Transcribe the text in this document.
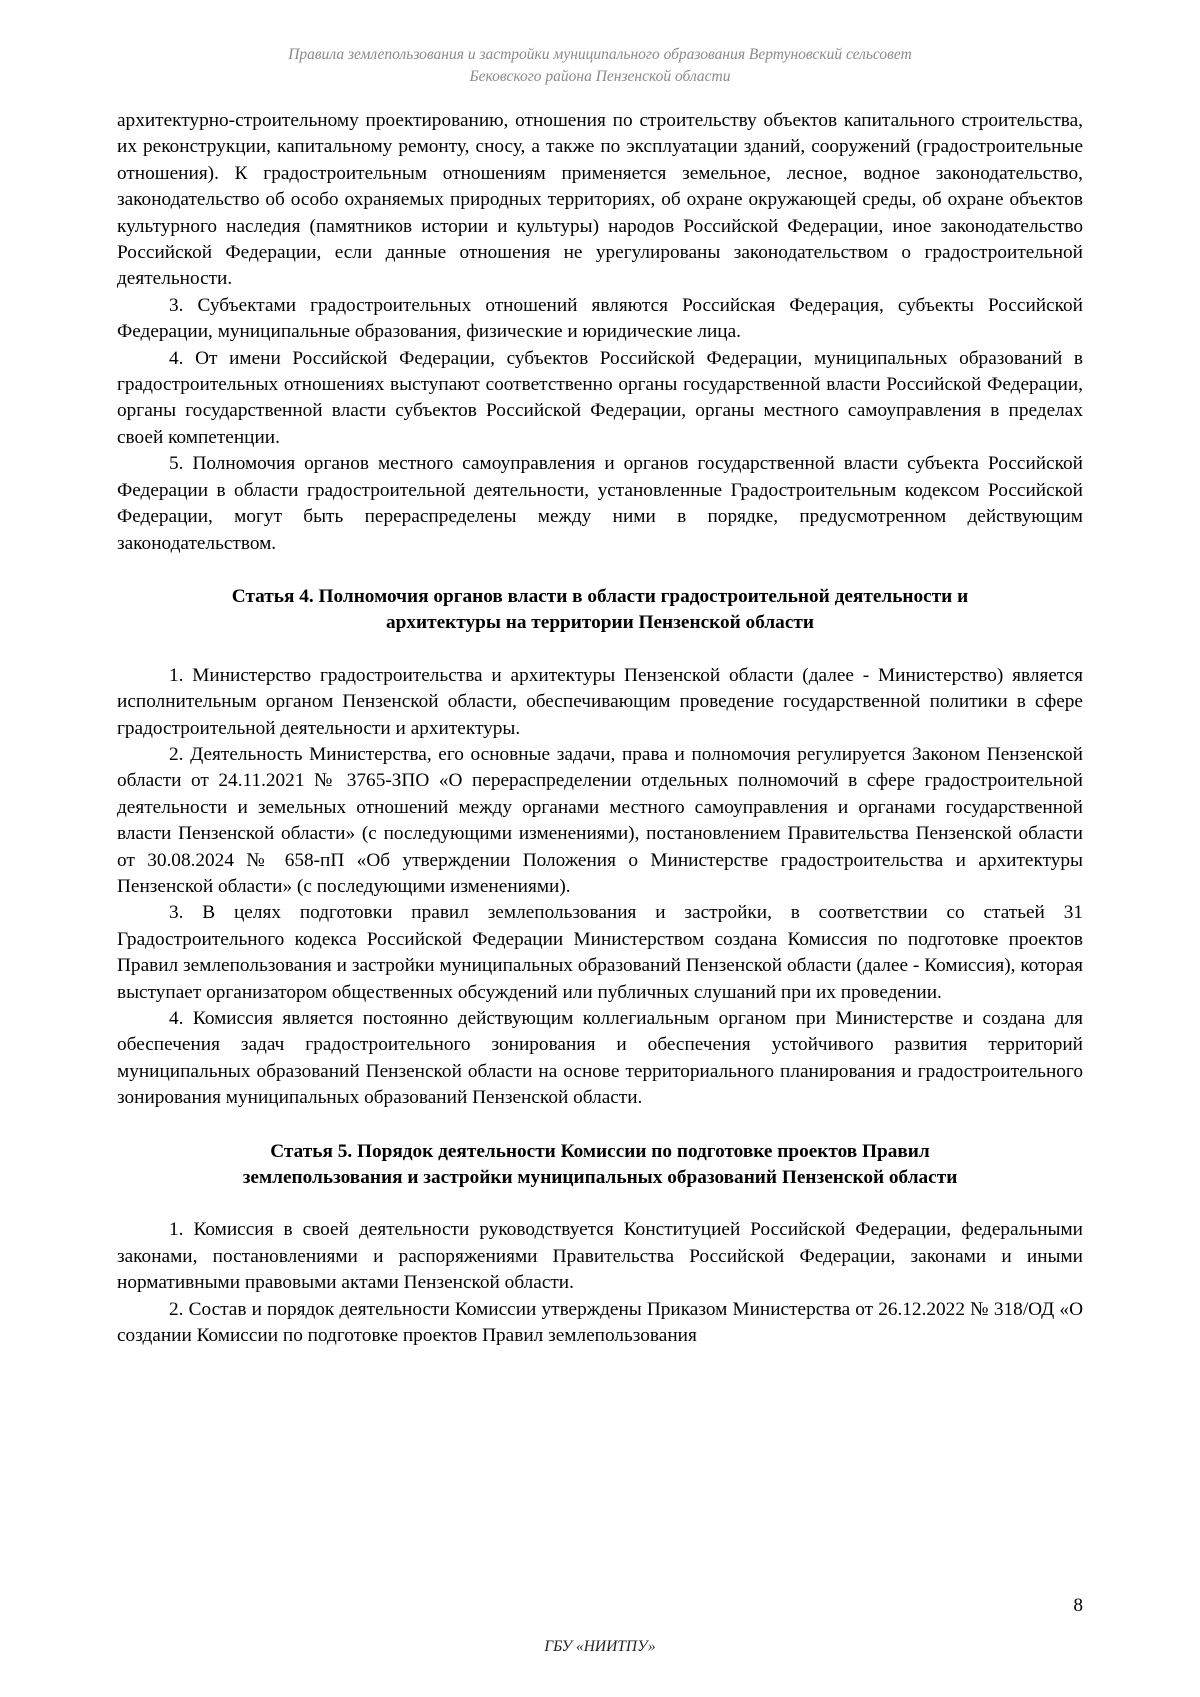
Правила землепользования и застройки муниципального образования Вертуновский сельсовет
Бековского района Пензенской области

архитектурно-строительному проектированию, отношения по строительству объектов капитального строительства, их реконструкции, капитальному ремонту, сносу, а также по эксплуатации зданий, сооружений (градостроительные отношения). К градостроительным отношениям применяется земельное, лесное, водное законодательство, законодательство об особо охраняемых природных территориях, об охране окружающей среды, об охране объектов культурного наследия (памятников истории и культуры) народов Российской Федерации, иное законодательство Российской Федерации, если данные отношения не урегулированы законодательством о градостроительной деятельности.

3. Субъектами градостроительных отношений являются Российская Федерация, субъекты Российской Федерации, муниципальные образования, физические и юридические лица.

4. От имени Российской Федерации, субъектов Российской Федерации, муниципальных образований в градостроительных отношениях выступают соответственно органы государственной власти Российской Федерации, органы государственной власти субъектов Российской Федерации, органы местного самоуправления в пределах своей компетенции.

5. Полномочия органов местного самоуправления и органов государственной власти субъекта Российской Федерации в области градостроительной деятельности, установленные Градостроительным кодексом Российской Федерации, могут быть перераспределены между ними в порядке, предусмотренном действующим законодательством.

Статья 4. Полномочия органов власти в области градостроительной деятельности и
архитектуры на территории Пензенской области

1. Министерство градостроительства и архитектуры Пензенской области (далее - Министерство) является исполнительным органом Пензенской области, обеспечивающим проведение государственной политики в сфере градостроительной деятельности и архитектуры.

2. Деятельность Министерства, его основные задачи, права и полномочия регулируется Законом Пензенской области от 24.11.2021 № 3765-ЗПО «О перераспределении отдельных полномочий в сфере градостроительной деятельности и земельных отношений между органами местного самоуправления и органами государственной власти Пензенской области» (с последующими изменениями), постановлением Правительства Пензенской области от 30.08.2024 № 658-пП «Об утверждении Положения о Министерстве градостроительства и архитектуры Пензенской области» (с последующими изменениями).

3. В целях подготовки правил землепользования и застройки, в соответствии со статьей 31 Градостроительного кодекса Российской Федерации Министерством создана Комиссия по подготовке проектов Правил землепользования и застройки муниципальных образований Пензенской области (далее - Комиссия), которая выступает организатором общественных обсуждений или публичных слушаний при их проведении.

4. Комиссия является постоянно действующим коллегиальным органом при Министерстве и создана для обеспечения задач градостроительного зонирования и обеспечения устойчивого развития территорий муниципальных образований Пензенской области на основе территориального планирования и градостроительного зонирования муниципальных образований Пензенской области.

Статья 5. Порядок деятельности Комиссии по подготовке проектов Правил
землепользования и застройки муниципальных образований Пензенской области

1. Комиссия в своей деятельности руководствуется Конституцией Российской Федерации, федеральными законами, постановлениями и распоряжениями Правительства Российской Федерации, законами и иными нормативными правовыми актами Пензенской области.

2. Состав и порядок деятельности Комиссии утверждены Приказом Министерства от 26.12.2022 № 318/ОД «О создании Комиссии по подготовке проектов Правил землепользования

8
ГБУ «НИИТПУ»
